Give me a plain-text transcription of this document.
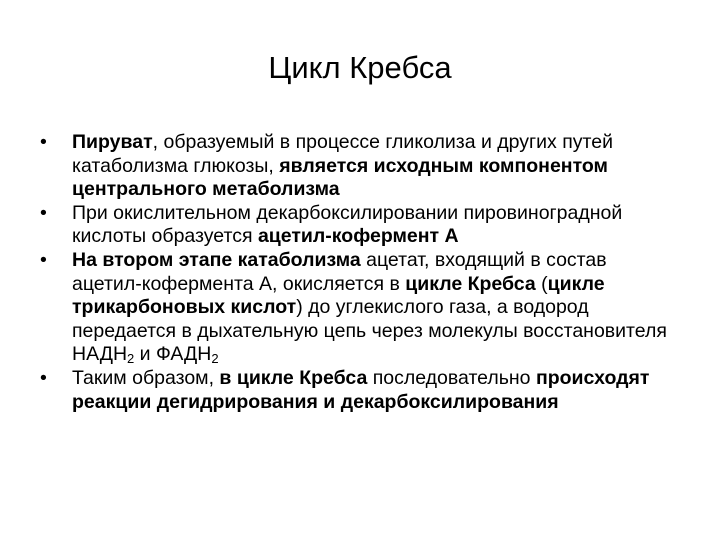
Цикл Кребса
• Пируват, образуемый в процессе гликолиза и других путей катаболизма глюкозы, является исходным компонентом центрального метаболизма
• При окислительном декарбоксилировании пировиноградной кислоты образуется ацетил-кофермент А
• На втором этапе катаболизма ацетат, входящий в состав ацетил-кофермента А, окисляется в цикле Кребса (цикле трикарбоновых кислот) до углекислого газа, а водород передается в дыхательную цепь через молекулы восстановителя $НАДН_2$ и $ФАДН_2$
• Таким образом, в цикле Кребса последовательно происходят реакции дегидрирования и декарбоксилирования
